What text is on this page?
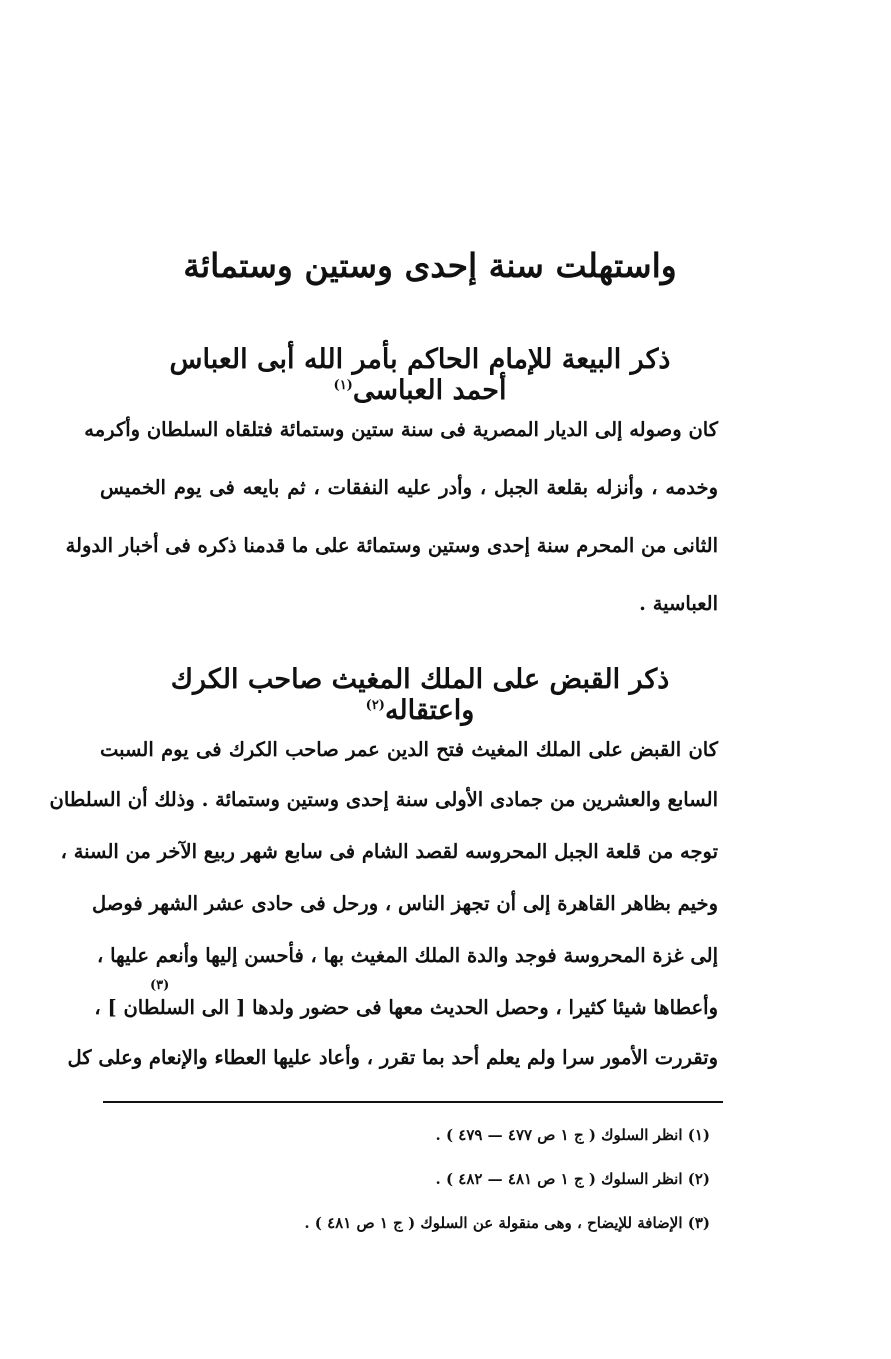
واستهلت سنة إحدى وستين وستمائة
ذكر البيعة للإمام الحاكم بأمر الله أبى العباس أحمد العباسى$^{(١)}$
كان وصوله إلى الديار المصرية فى سنة ستين وستمائة فتلقاه السلطان وأكرمه
وخدمه ، وأنزله بقلعة الجبل ، وأدر عليه النفقات ، ثم بايعه فى يوم الخميس
الثانى من المحرم سنة إحدى وستين وستمائة على ما قدمنا ذكره فى أخبار الدولة
العباسية .
ذكر القبض على الملك المغيث صاحب الكرك واعتقاله$^{(٢)}$
كان القبض على الملك المغيث فتح الدين عمر صاحب الكرك فى يوم السبت
السابع والعشرين من جمادى الأولى سنة إحدى وستين وستمائة . وذلك أن السلطان
توجه من قلعة الجبل المحروسه لقصد الشام فى سابع شهر ربيع الآخر من السنة ،
وخيم بظاهر القاهرة إلى أن تجهز الناس ، ورحل فى حادى عشر الشهر فوصل
إلى غزة المحروسة فوجد والدة الملك المغيث بها ، فأحسن إليها وأنعم عليها ،
وأعطاها شيئا كثيرا ، وحصل الحديث معها فى حضور ولدها [ الى السلطان ] ،
وتقررت الأمور سرا ولم يعلم أحد بما تقرر ، وأعاد عليها العطاء والإنعام وعلى كل
(٣)
(١) انظر السلوك ( ج ١ ص ٤٧٧ — ٤٧٩ ) .
(٢) انظر السلوك ( ج ١ ص ٤٨١ — ٤٨٢ ) .
(٣) الإضافة للإيضاح ، وهى منقولة عن السلوك ( ج ١ ص ٤٨١ ) .
